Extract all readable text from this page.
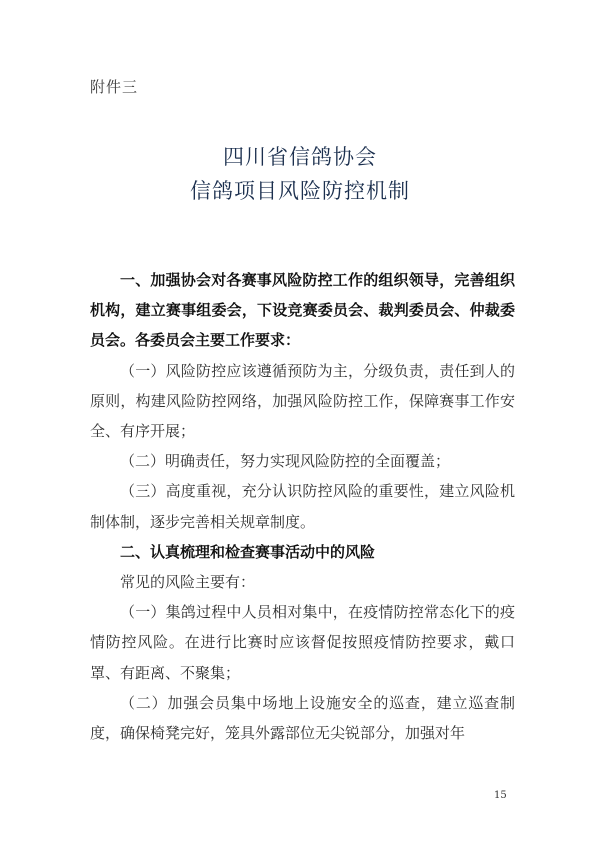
附件三
四川省信鸽协会
信鸽项目风险防控机制

一、加强协会对各赛事风险防控工作的组织领导，完善组织机构，建立赛事组委会，下设竞赛委员会、裁判委员会、仲裁委员会。各委员会主要工作要求：

（一）风险防控应该遵循预防为主，分级负责，责任到人的原则，构建风险防控网络，加强风险防控工作，保障赛事工作安全、有序开展；

（二）明确责任，努力实现风险防控的全面覆盖；

（三）高度重视，充分认识防控风险的重要性，建立风险机制体制，逐步完善相关规章制度。

二、认真梳理和检查赛事活动中的风险

常见的风险主要有：

（一）集鸽过程中人员相对集中，在疫情防控常态化下的疫情防控风险。在进行比赛时应该督促按照疫情防控要求，戴口罩、有距离、不聚集；

（二）加强会员集中场地上设施安全的巡查，建立巡查制度，确保椅凳完好，笼具外露部位无尖锐部分，加强对年

15
